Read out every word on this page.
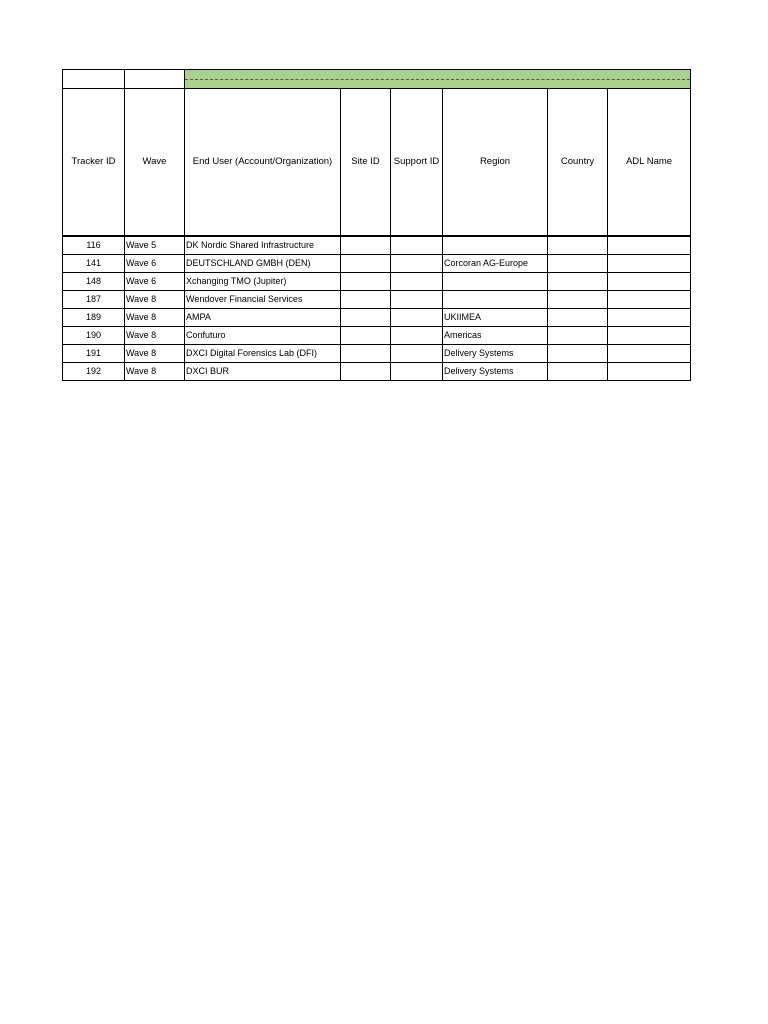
Tracker ID	Wave	End User (Account/Organization)	Site ID	Support ID	Region	Country	ADL Name
116	Wave 5	DK Nordic Shared Infrastructure					
141	Wave 6	DEUTSCHLAND GMBH (DEN)			Corcoran AG-Europe		
148	Wave 6	Xchanging TMO (Jupiter)					
187	Wave 8	Wendover Financial Services					
189	Wave 8	AMPA			UKIIMEA		
190	Wave 8	Confuturo			Americas		
191	Wave 8	DXCI Digital Forensics Lab (DFI)			Delivery Systems		
192	Wave 8	DXCI BUR			Delivery Systems		
